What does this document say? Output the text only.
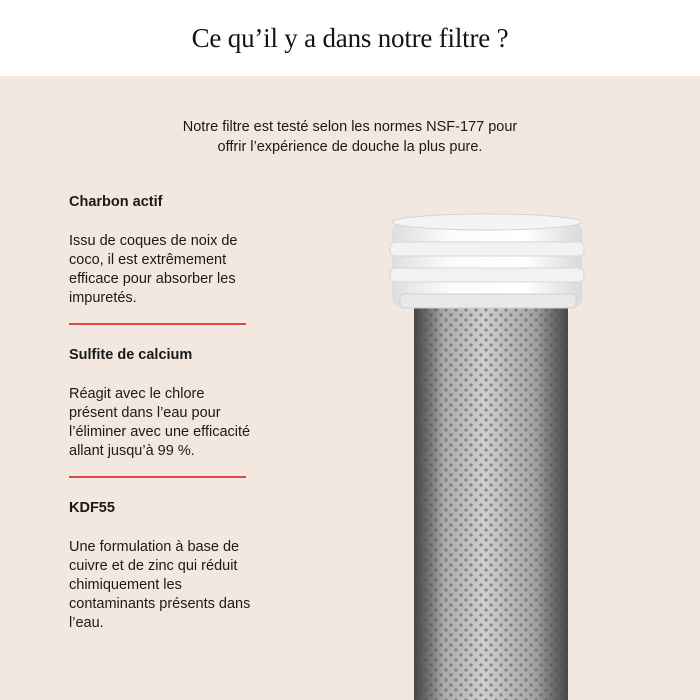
Ce qu’il y a dans notre filtre ?
Notre filtre est testé selon les normes NSF-177 pour
offrir l’expérience de douche la plus pure.
Charbon actif
Issu de coques de noix de
coco, il est extrêmement
efficace pour absorber les
impuretés.
Sulfite de calcium
Réagit avec le chlore
présent dans l’eau pour
l’éliminer avec une efficacité
allant jusqu’à 99 %.
KDF55
Une formulation à base de
cuivre et de zinc qui réduit
chimiquement les
contaminants présents dans
l’eau.
